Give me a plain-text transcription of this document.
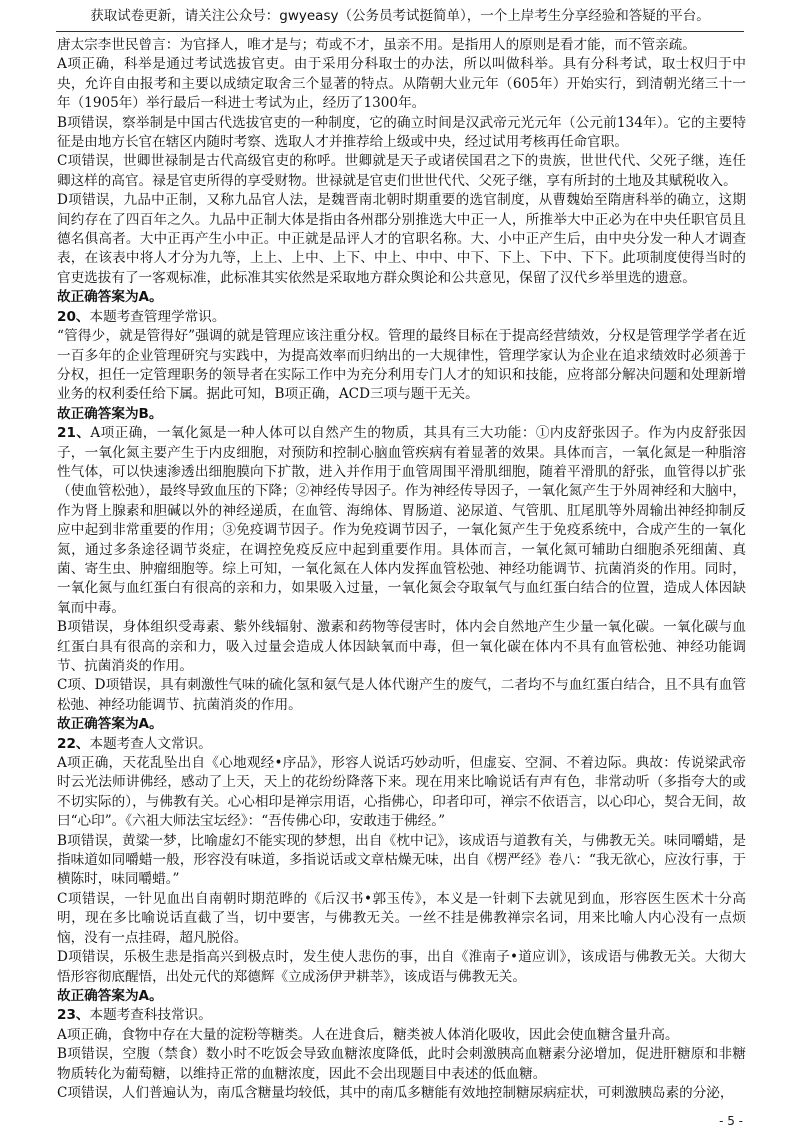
获取试卷更新，请关注公众号：gwyeasy（公务员考试挺简单），一个上岸考生分享经验和答疑的平台。

唐太宗李世民曾言：为官择人，唯才是与；苟或不才，虽亲不用。是指用人的原则是看才能，而不管亲疏。

A项正确，科举是通过考试选拔官吏。由于采用分科取士的办法，所以叫做科举。具有分科考试，取士权归于中央，允许自由报考和主要以成绩定取舍三个显著的特点。从隋朝大业元年（605年）开始实行，到清朝光绪三十一年（1905年）举行最后一科进士考试为止，经历了1300年。

B项错误，察举制是中国古代选拔官吏的一种制度，它的确立时间是汉武帝元光元年（公元前134年）。它的主要特征是由地方长官在辖区内随时考察、选取人才并推荐给上级或中央，经过试用考核再任命官职。

C项错误，世卿世禄制是古代高级官吏的称呼。世卿就是天子或诸侯国君之下的贵族，世世代代、父死子继，连任卿这样的高官。禄是官吏所得的享受财物。世禄就是官吏们世世代代、父死子继，享有所封的土地及其赋税收入。

D项错误，九品中正制，又称九品官人法，是魏晋南北朝时期重要的选官制度，从曹魏始至隋唐科举的确立，这期间约存在了四百年之久。九品中正制大体是指由各州郡分别推选大中正一人，所推举大中正必为在中央任职官员且德名俱高者。大中正再产生小中正。中正就是品评人才的官职名称。大、小中正产生后，由中央分发一种人才调查表，在该表中将人才分为九等，上上、上中、上下、中上、中中、中下、下上、下中、下下。此项制度使得当时的官吏选拔有了一客观标准，此标准其实依然是采取地方群众舆论和公共意见，保留了汉代乡举里选的遗意。

故正确答案为A。

20、本题考查管理学常识。

“管得少，就是管得好”强调的就是管理应该注重分权。管理的最终目标在于提高经营绩效，分权是管理学学者在近一百多年的企业管理研究与实践中，为提高效率而归纳出的一大规律性，管理学家认为企业在追求绩效时必须善于分权，担任一定管理职务的领导者在实际工作中为充分利用专门人才的知识和技能，应将部分解决问题和处理新增业务的权利委任给下属。据此可知，B项正确，ACD三项与题干无关。

故正确答案为B。

21、A项正确，一氧化氮是一种人体可以自然产生的物质，其具有三大功能：①内皮舒张因子。作为内皮舒张因子，一氧化氮主要产生于内皮细胞，对预防和控制心脑血管疾病有着显著的效果。具体而言，一氧化氮是一种脂溶性气体，可以快速渗透出细胞膜向下扩散，进入并作用于血管周围平滑肌细胞，随着平滑肌的舒张，血管得以扩张（使血管松弛），最终导致血压的下降；②神经传导因子。作为神经传导因子，一氧化氮产生于外周神经和大脑中，作为肾上腺素和胆碱以外的神经递质，在血管、海绵体、胃肠道、泌尿道、气管肌、肛尾肌等外周输出神经抑制反应中起到非常重要的作用；③免疫调节因子。作为免疫调节因子，一氧化氮产生于免疫系统中，合成产生的一氧化氮，通过多条途径调节炎症，在调控免疫反应中起到重要作用。具体而言，一氧化氮可辅助白细胞杀死细菌、真菌、寄生虫、肿瘤细胞等。综上可知，一氧化氮在人体内发挥血管松弛、神经功能调节、抗菌消炎的作用。同时，一氧化氮与血红蛋白有很高的亲和力，如果吸入过量，一氧化氮会夺取氧气与血红蛋白结合的位置，造成人体因缺氧而中毒。

B项错误，身体组织受毒素、紫外线辐射、激素和药物等侵害时，体内会自然地产生少量一氧化碳。一氧化碳与血红蛋白具有很高的亲和力，吸入过量会造成人体因缺氧而中毒，但一氧化碳在体内不具有血管松弛、神经功能调节、抗菌消炎的作用。

C项、D项错误，具有刺激性气味的硫化氢和氨气是人体代谢产生的废气，二者均不与血红蛋白结合，且不具有血管松弛、神经功能调节、抗菌消炎的作用。

故正确答案为A。

22、本题考查人文常识。

A项正确，天花乱坠出自《心地观经•序品》，形容人说话巧妙动听，但虚妄、空洞、不着边际。典故：传说梁武帝时云光法师讲佛经，感动了上天，天上的花纷纷降落下来。现在用来比喻说话有声有色，非常动听（多指夸大的或不切实际的），与佛教有关。心心相印是禅宗用语，心指佛心，印者印可，禅宗不依语言，以心印心，契合无间，故曰“心印”。《六祖大师法宝坛经》：“吾传佛心印，安敢违于佛经。”

B项错误，黄粱一梦，比喻虚幻不能实现的梦想，出自《枕中记》，该成语与道教有关，与佛教无关。味同嚼蜡，是指味道如同嚼蜡一般，形容没有味道，多指说话或文章枯燥无味，出自《楞严经》卷八：“我无欲心，应汝行事，于横陈时，味同嚼蜡。”

C项错误，一针见血出自南朝时期范晔的《后汉书•郭玉传》，本义是一针刺下去就见到血，形容医生医术十分高明，现在多比喻说话直截了当，切中要害，与佛教无关。一丝不挂是佛教禅宗名词，用来比喻人内心没有一点烦恼，没有一点挂碍，超凡脱俗。

D项错误，乐极生悲是指高兴到极点时，发生使人悲伤的事，出自《淮南子•道应训》，该成语与佛教无关。大彻大悟形容彻底醒悟，出处元代的郑德辉《立成汤伊尹耕莘》，该成语与佛教无关。

故正确答案为A。

23、本题考查科技常识。

A项正确，食物中存在大量的淀粉等糖类。人在进食后，糖类被人体消化吸收，因此会使血糖含量升高。

B项错误，空腹（禁食）数小时不吃饭会导致血糖浓度降低，此时会刺激胰高血糖素分泌增加，促进肝糖原和非糖物质转化为葡萄糖，以维持正常的血糖浓度，因此不会出现题目中表述的低血糖。

C项错误，人们普遍认为，南瓜含糖量均较低，其中的南瓜多糖能有效地控制糖尿病症状，可刺激胰岛素的分泌，

- 5 -
